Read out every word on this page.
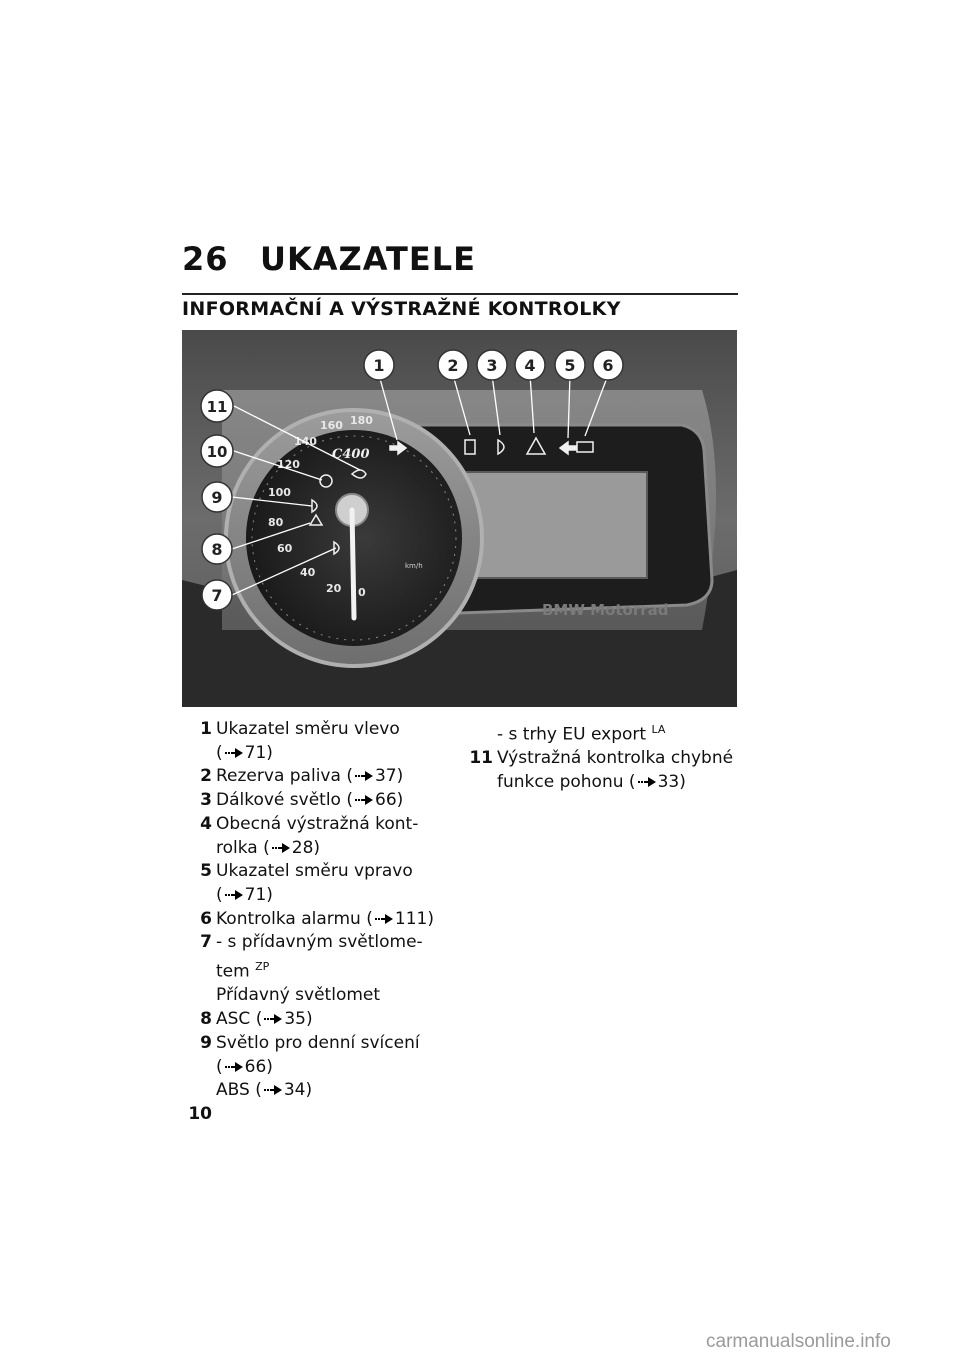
26 UKAZATELE
INFORMAČNÍ A VÝSTRAŽNÉ KONTROLKY
0
20
40
60
80
100
120
140
160 180
km/h
C400
1	2 3 4 5 6
11
10
9
8
7
BMW Motorrad
1 Ukazatel směru vlevo
( 71)
2 Rezerva paliva ( 37)
3 Dálkové světlo ( 66)
4 Obecná výstražná kont-
rolka ( 28)
5 Ukazatel směru vpravo
( 71)
6 Kontrolka alarmu ( 111)
7 - s přídavným světlome-
tem $^{ZP}$
Přídavný světlomet
8 ASC ( 35)
9 Světlo pro denní svícení
( 66)
ABS ( 34)
10
- s trhy EU export $^{LA}$
11 Výstražná kontrolka chybné
funkce pohonu ( 33)
carmanualsonline.info
